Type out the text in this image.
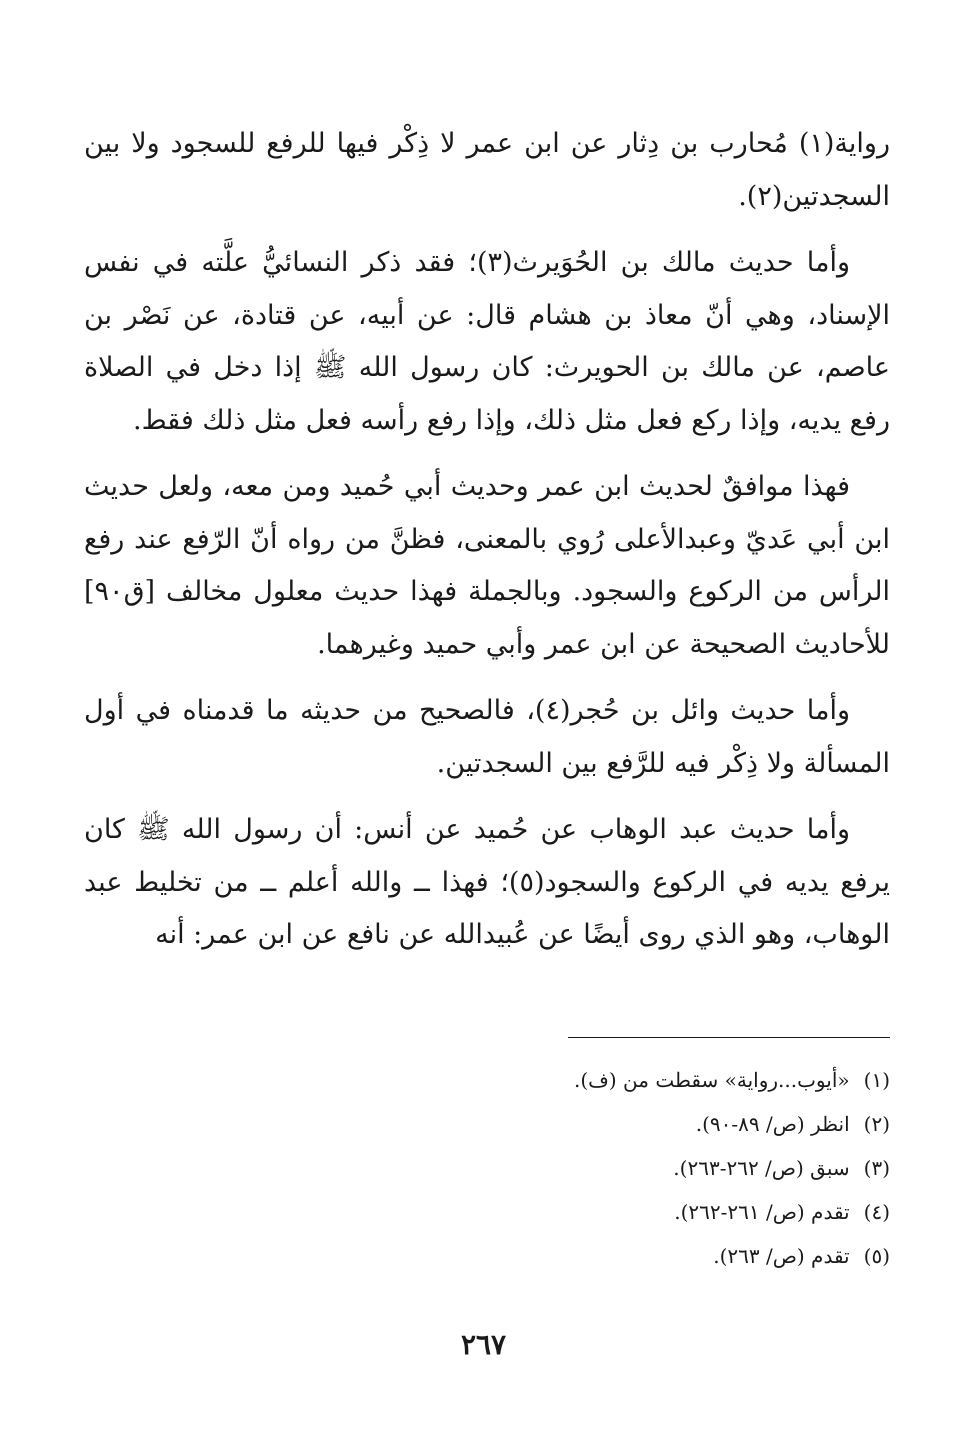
رواية(١) مُحارب بن دِثار عن ابن عمر لا ذِكْر فيها للرفع للسجود ولا بين السجدتين(٢).

وأما حديث مالك بن الحُوَيرث(٣)؛ فقد ذكر النسائيُّ علَّته في نفس الإسناد، وهي أنّ معاذ بن هشام قال: عن أبيه، عن قتادة، عن نَصْر بن عاصم، عن مالك بن الحويرث: كان رسول الله ﷺ إذا دخل في الصلاة رفع يديه، وإذا ركع فعل مثل ذلك، وإذا رفع رأسه فعل مثل ذلك فقط.

فهذا موافقٌ لحديث ابن عمر وحديث أبي حُميد ومن معه، ولعل حديث ابن أبي عَديّ وعبدالأعلى رُوي بالمعنى، فظنَّ من رواه أنّ الرّفع عند رفع الرأس من الركوع والسجود. وبالجملة فهذا حديث معلول مخالف [ق٩٠] للأحاديث الصحيحة عن ابن عمر وأبي حميد وغيرهما.

وأما حديث وائل بن حُجر(٤)، فالصحيح من حديثه ما قدمناه في أول المسألة ولا ذِكْر فيه للرَّفع بين السجدتين.

وأما حديث عبد الوهاب عن حُميد عن أنس: أن رسول الله ﷺ كان يرفع يديه في الركوع والسجود(٥)؛ فهذا ــ والله أعلم ــ من تخليط عبد الوهاب، وهو الذي روى أيضًا عن عُبيدالله عن نافع عن ابن عمر: أنه

(١)«أيوب...رواية» سقطت من (ف).
(٢)انظر (ص/ ٨٩-٩٠).
(٣)سبق (ص/ ٢٦٢-٢٦٣).
(٤)تقدم (ص/ ٢٦١-٢٦٢).
(٥)تقدم (ص/ ٢٦٣).
٢٦٧
